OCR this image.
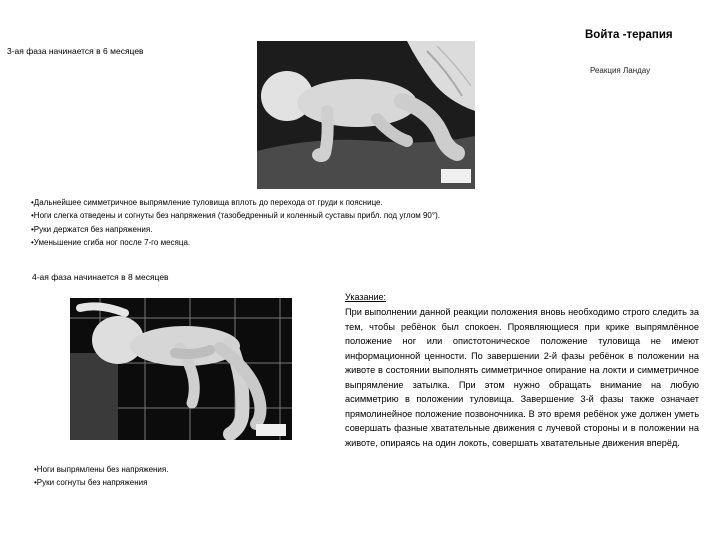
Войта -терапия
Реакция Ландау
3-ая фаза начинается в 6 месяцев
•Дальнейшее симметричное выпрямление туловища вплоть до перехода от груди к пояснице.
•Ноги слегка отведены и согнуты без напряжения (тазобедренный и коленный суставы прибл. под углом 90°).
•Руки держатся без напряжения.
•Уменьшение сгиба ног после 7-го месяца.
4-ая фаза начинается в 8 месяцев
•Ноги выпрямлены без напряжения.
•Руки согнуты без напряжения
Указание:
При выполнении данной реакции положения вновь необходимо строго следить за тем, чтобы ребёнок был спокоен. Проявляющиеся при крике выпрямлённое положение ног или опистотоническое положение туловища не имеют информационной ценности. По завершении 2-й фазы ребёнок в положении на животе в состоянии выполнять симметричное опирание на локти и симметричное выпрямление затылка. При этом нужно обращать внимание на любую асимметрию в положении туловища. Завершение 3-й фазы также означает прямолинейное положение позвоночника. В это время ребёнок уже должен уметь совершать фазные хватательные движения с лучевой стороны и в положении на животе, опираясь на один локоть, совершать хватательные движения вперёд.
